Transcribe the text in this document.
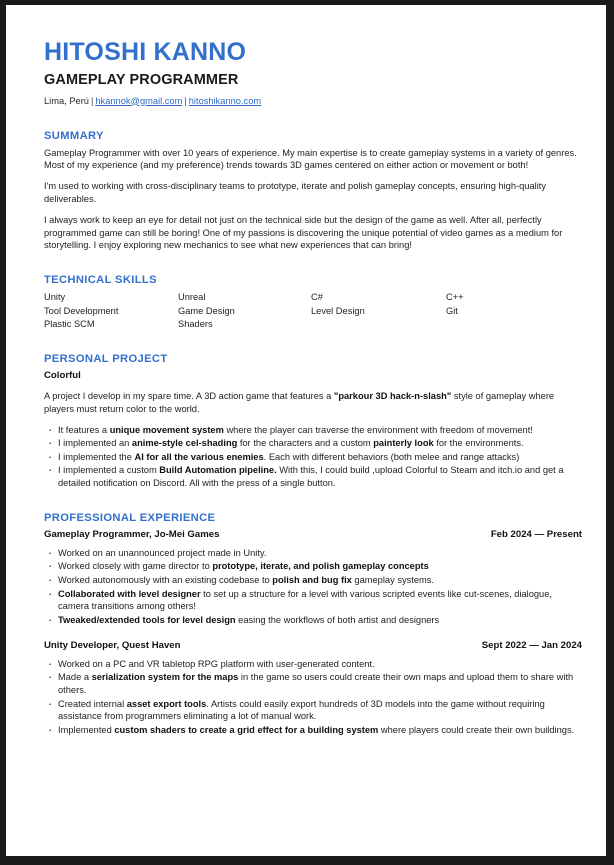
HITOSHI KANNO
GAMEPLAY PROGRAMMER
Lima, Perú | hkannok@gmail.com | hitoshikanno.com
SUMMARY

Gameplay Programmer with over 10 years of experience. My main expertise is to create gameplay systems in a variety of genres. Most of my experience (and my preference) trends towards 3D games centered on either action or movement or both!

I'm used to working with cross-disciplinary teams to prototype, iterate and polish gameplay concepts, ensuring high-quality deliverables.

I always work to keep an eye for detail not just on the technical side but the design of the game as well. After all, perfectly programmed game can still be boring! One of my passions is discovering the unique potential of video games as a medium for storytelling. I enjoy exploring new mechanics to see what new experiences that can bring!

TECHNICAL SKILLS
Unity
Tool Development
Plastic SCM
Unreal
Game Design
Shaders
C#
Level Design
C++
Git
PERSONAL PROJECT
Colorful

A project I develop in my spare time. A 3D action game that features a "parkour 3D hack-n-slash" style of gameplay where players must return color to the world.

· It features a unique movement system where the player can traverse the environment with freedom of movement!
· I implemented an anime-style cel-shading for the characters and a custom painterly look for the environments.
· I implemented the AI for all the various enemies. Each with different behaviors (both melee and range attacks)
· I implemented a custom Build Automation pipeline. With this, I could build ,upload Colorful to Steam and itch.io and get a detailed notification on Discord. All with the press of a single button.
PROFESSIONAL EXPERIENCE
Gameplay Programmer, Jo-Mei Games	Feb 2024 — Present
· Worked on an unannounced project made in Unity.
· Worked closely with game director to prototype, iterate, and polish gameplay concepts
· Worked autonomously with an existing codebase to polish and bug fix gameplay systems.
· Collaborated with level designer to set up a structure for a level with various scripted events like cut-scenes, dialogue, camera transitions among others!
· Tweaked/extended tools for level design easing the workflows of both artist and designers
Unity Developer, Quest Haven	Sept 2022 — Jan 2024
· Worked on a PC and VR tabletop RPG platform with user-generated content.
· Made a serialization system for the maps in the game so users could create their own maps and upload them to share with others.
· Created internal asset export tools. Artists could easily export hundreds of 3D models into the game without requiring assistance from programmers eliminating a lot of manual work.
· Implemented custom shaders to create a grid effect for a building system where players could create their own buildings.
